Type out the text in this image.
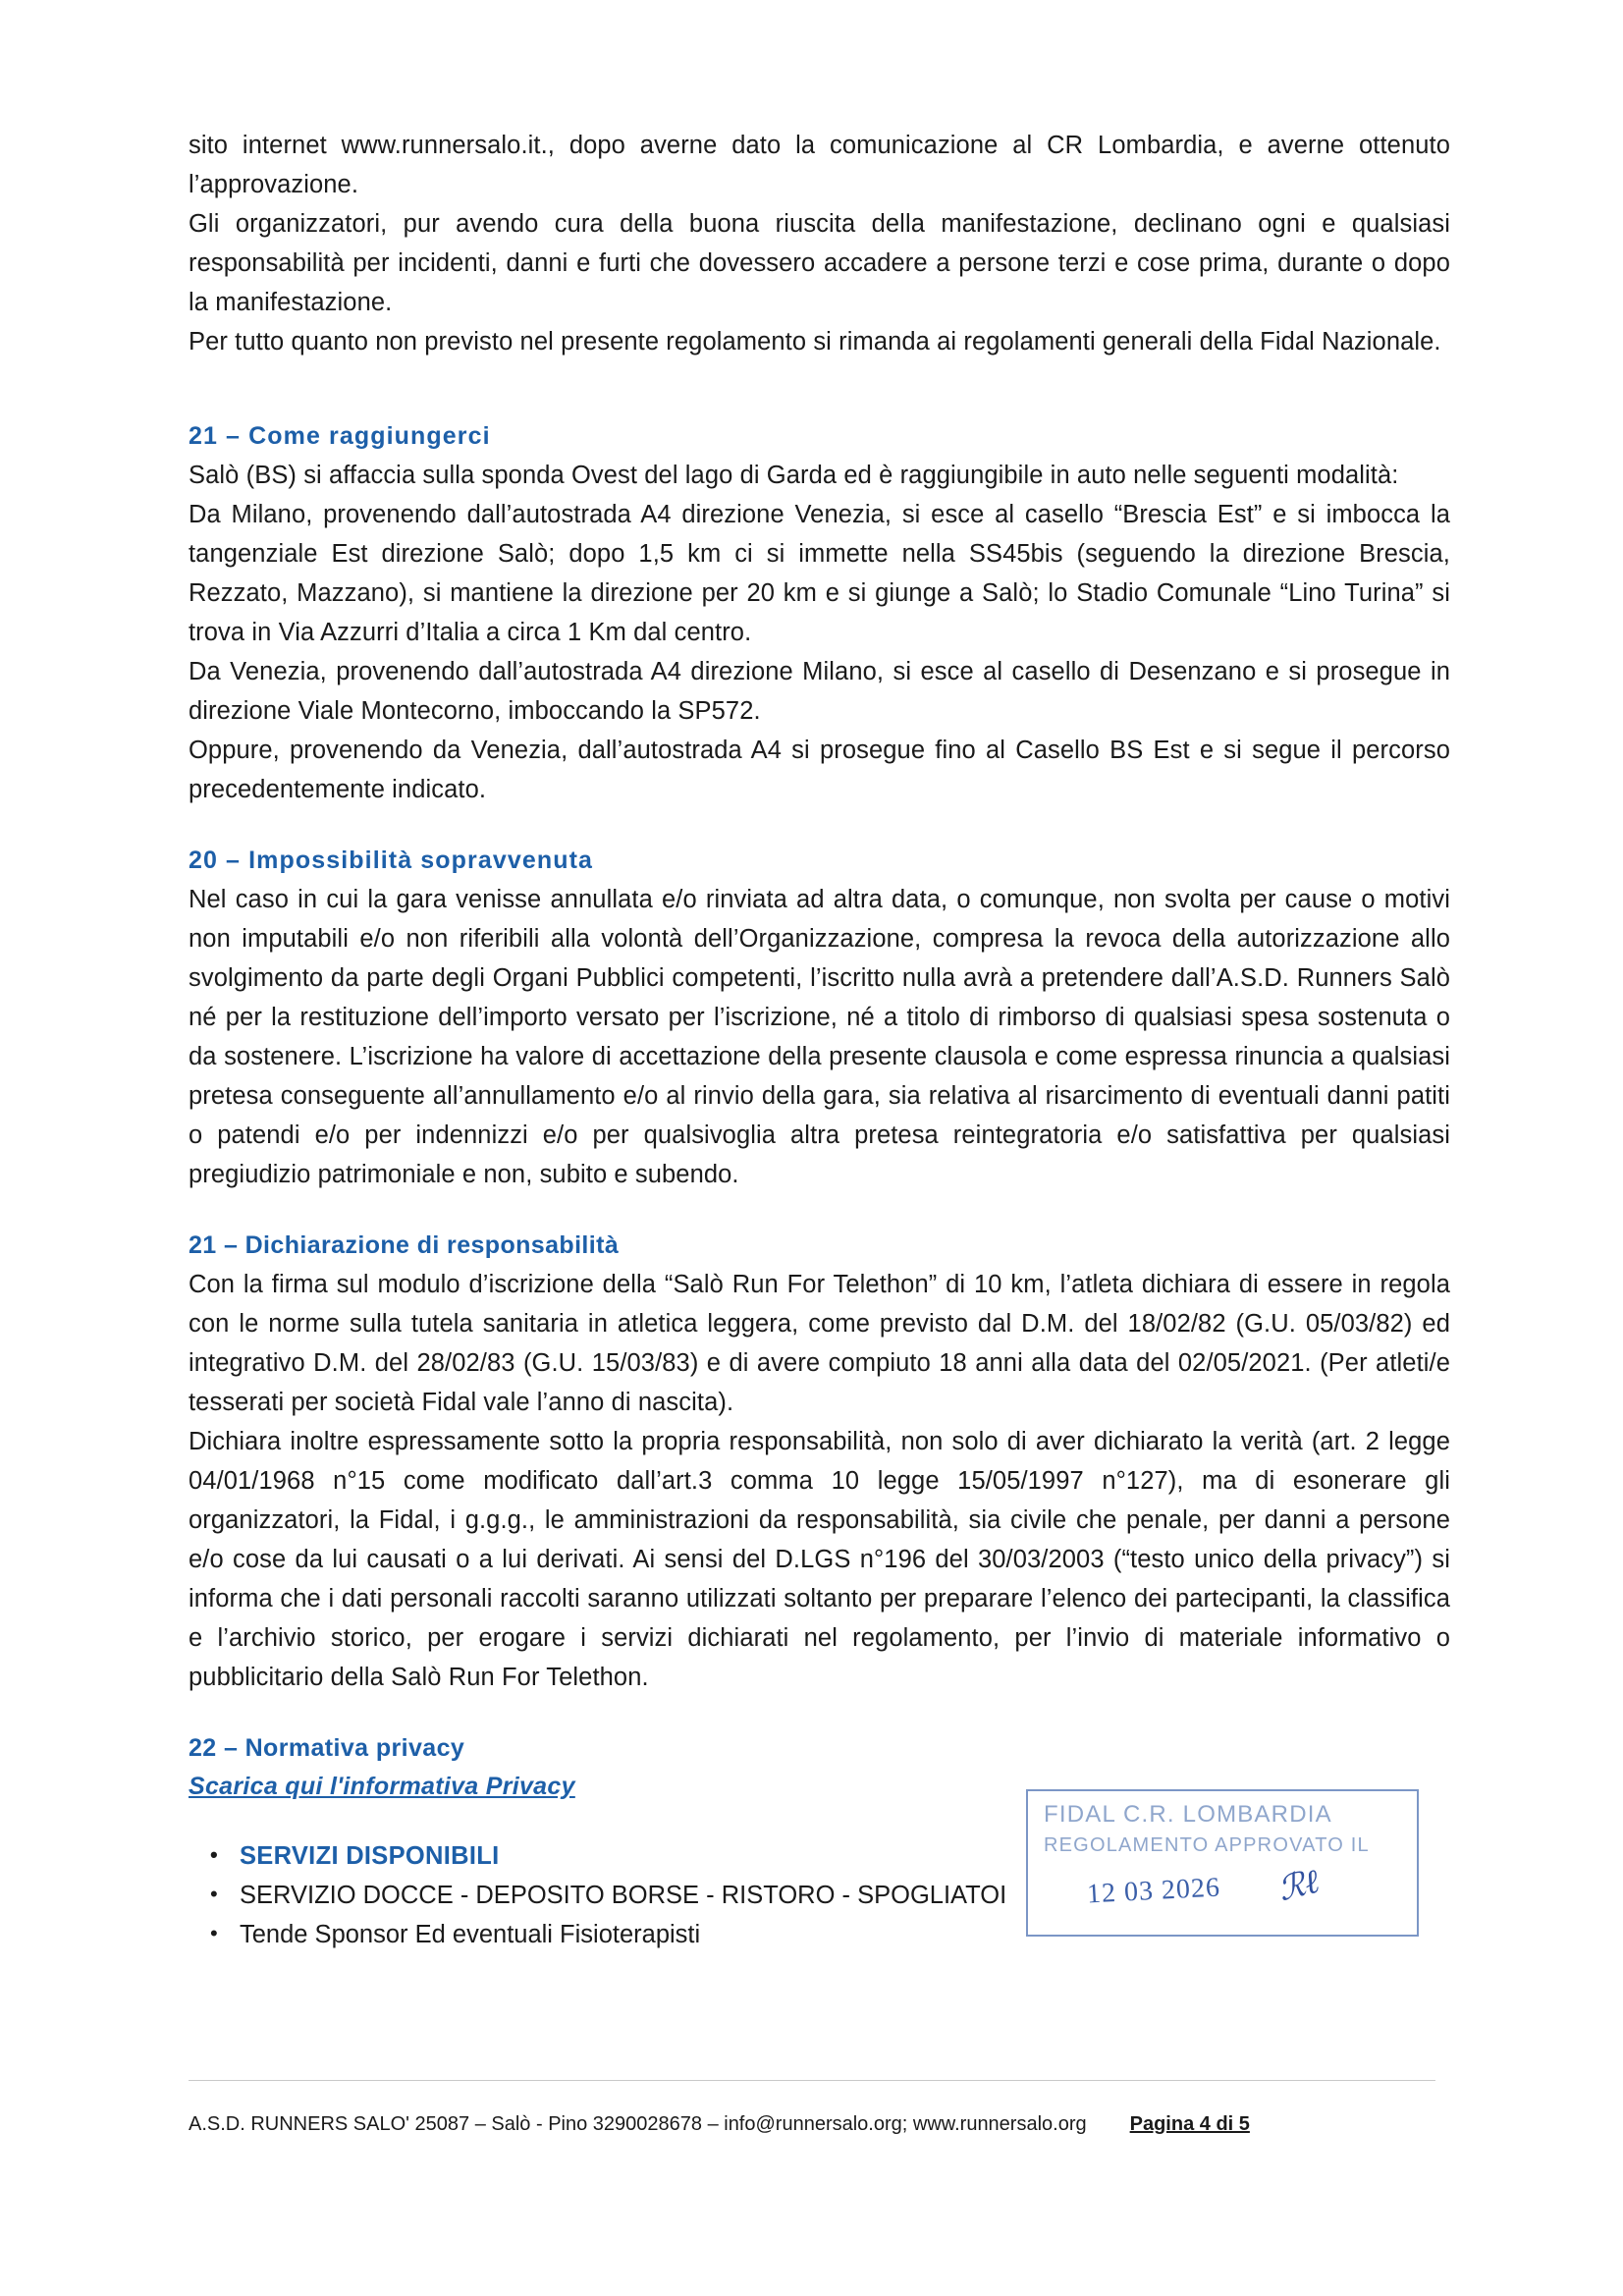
sito internet www.runnersalo.it., dopo averne dato la comunicazione al CR Lombardia, e averne ottenuto l’approvazione.

Gli organizzatori, pur avendo cura della buona riuscita della manifestazione, declinano ogni e qualsiasi responsabilità per incidenti, danni e furti che dovessero accadere a persone terzi e cose prima, durante o dopo la manifestazione.

Per tutto quanto non previsto nel presente regolamento si rimanda ai regolamenti generali della Fidal Nazionale.

21 – Come raggiungerci

Salò (BS) si affaccia sulla sponda Ovest del lago di Garda ed è raggiungibile in auto nelle seguenti modalità:

Da Milano, provenendo dall’autostrada A4 direzione Venezia, si esce al casello “Brescia Est” e si imbocca la tangenziale Est direzione Salò; dopo 1,5 km ci si immette nella SS45bis (seguendo la direzione Brescia, Rezzato, Mazzano), si mantiene la direzione per 20 km e si giunge a Salò; lo Stadio Comunale “Lino Turina” si trova in Via Azzurri d’Italia a circa 1 Km dal centro.

Da Venezia, provenendo dall’autostrada A4 direzione Milano, si esce al casello di Desenzano e si prosegue in direzione Viale Montecorno, imboccando la SP572.

Oppure, provenendo da Venezia, dall’autostrada A4 si prosegue fino al Casello BS Est e si segue il percorso precedentemente indicato.

20 – Impossibilità sopravvenuta

Nel caso in cui la gara venisse annullata e/o rinviata ad altra data, o comunque, non svolta per cause o motivi non imputabili e/o non riferibili alla volontà dell’Organizzazione, compresa la revoca della autorizzazione allo svolgimento da parte degli Organi Pubblici competenti, l’iscritto nulla avrà a pretendere dall’A.S.D. Runners Salò né per la restituzione dell’importo versato per l’iscrizione, né a titolo di rimborso di qualsiasi spesa sostenuta o da sostenere. L’iscrizione ha valore di accettazione della presente clausola e come espressa rinuncia a qualsiasi pretesa conseguente all’annullamento e/o al rinvio della gara, sia relativa al risarcimento di eventuali danni patiti o patendi e/o per indennizzi e/o per qualsivoglia altra pretesa reintegratoria e/o satisfattiva per qualsiasi pregiudizio patrimoniale e non, subito e subendo.

21 – Dichiarazione di responsabilità

Con la firma sul modulo d’iscrizione della “Salò Run For Telethon” di 10 km, l’atleta dichiara di essere in regola con le norme sulla tutela sanitaria in atletica leggera, come previsto dal D.M. del 18/02/82 (G.U. 05/03/82) ed integrativo D.M. del 28/02/83 (G.U. 15/03/83) e di avere compiuto 18 anni alla data del 02/05/2021. (Per atleti/e tesserati per società Fidal vale l’anno di nascita).

Dichiara inoltre espressamente sotto la propria responsabilità, non solo di aver dichiarato la verità (art. 2 legge 04/01/1968 n°15 come modificato dall’art.3 comma 10 legge 15/05/1997 n°127), ma di esonerare gli organizzatori, la Fidal, i g.g.g., le amministrazioni da responsabilità, sia civile che penale, per danni a persone e/o cose da lui causati o a lui derivati. Ai sensi del D.LGS n°196 del 30/03/2003 (“testo unico della privacy”) si informa che i dati personali raccolti saranno utilizzati soltanto per preparare l’elenco dei partecipanti, la classifica e l’archivio storico, per erogare i servizi dichiarati nel regolamento, per l’invio di materiale informativo o pubblicitario della Salò Run For Telethon.

22 – Normativa privacy

Scarica qui l'informativa Privacy

• SERVIZI DISPONIBILI
• SERVIZIO DOCCE - DEPOSITO BORSE - RISTORO - SPOGLIATOI
• Tende Sponsor Ed eventuali Fisioterapisti
FIDAL C.R. LOMBARDIA
REGOLAMENTO APPROVATO IL
12 03 2026 ℛℓ
A.S.D. RUNNERS SALO' 25087 – Salò - Pino 3290028678 – info@runnersalo.org; www.runnersalo.org Pagina 4 di 5
